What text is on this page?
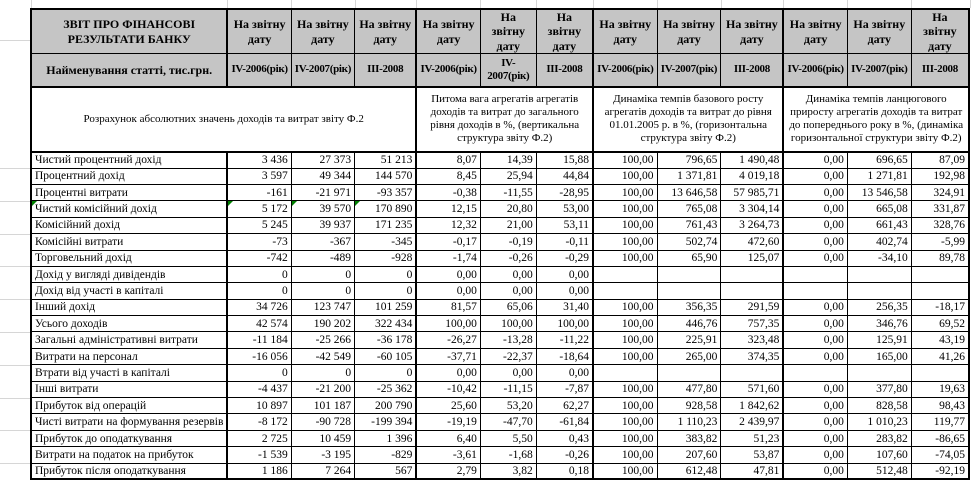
ЗВІТ ПРО ФІНАНСОВІ РЕЗУЛЬТАТИ БАНКУ	На звітну дату	На звітну дату	На звітну дату	На звітну дату	На звітну дату	На звітну дату	На звітну дату	На звітну дату	На звітну дату	На звітну дату	На звітну дату	На звітну дату
Найменування статті, тис.грн.	IV-2006(рік)	IV-2007(рік)	III-2008	IV-2006(рік)	IV-2007(рік)	III-2008	IV-2006(рік)	IV-2007(рік)	III-2008	IV-2006(рік)	IV-2007(рік)	III-2008
Розрахунок абсолютних значень доходів та витрат звіту Ф.2				Питома вага агрегатів агрегатів доходів та витрат до загального рівня доходів в %, (вертикальна структура звіту Ф.2)			Динаміка темпів базового росту агрегатів доходів та витрат до рівня 01.01.2005 р. в %, (горизонтальна структура звіту Ф.2)			Динаміка темпів ланцюгового приросту агрегатів доходів та витрат до попереднього року в %, (динаміка горизонтальної структури звіту Ф.2)		
Чистий процентний дохід	3 436	27 373	51 213	8,07	14,39	15,88	100,00	796,65	1 490,48	0,00	696,65	87,09
Процентний дохід	3 597	49 344	144 570	8,45	25,94	44,84	100,00	1 371,81	4 019,18	0,00	1 271,81	192,98
Процентні витрати	-161	-21 971	-93 357	-0,38	-11,55	-28,95	100,00	13 646,58	57 985,71	0,00	13 546,58	324,91
Чистий комісійний дохід	5 172	39 570	170 890	12,15	20,80	53,00	100,00	765,08	3 304,14	0,00	665,08	331,87
Комісійний дохід	5 245	39 937	171 235	12,32	21,00	53,11	100,00	761,43	3 264,73	0,00	661,43	328,76
Комісійні витрати	-73	-367	-345	-0,17	-0,19	-0,11	100,00	502,74	472,60	0,00	402,74	-5,99
Торговельний дохід	-742	-489	-928	-1,74	-0,26	-0,29	100,00	65,90	125,07	0,00	-34,10	89,78
Дохід у вигляді дивідендів	0	0	0	0,00	0,00	0,00						
Дохід від участі в капіталі	0	0	0	0,00	0,00	0,00						
Інший дохід	34 726	123 747	101 259	81,57	65,06	31,40	100,00	356,35	291,59	0,00	256,35	-18,17
Усього доходів	42 574	190 202	322 434	100,00	100,00	100,00	100,00	446,76	757,35	0,00	346,76	69,52
Загальні адміністративні витрати	-11 184	-25 266	-36 178	-26,27	-13,28	-11,22	100,00	225,91	323,48	0,00	125,91	43,19
Витрати на персонал	-16 056	-42 549	-60 105	-37,71	-22,37	-18,64	100,00	265,00	374,35	0,00	165,00	41,26
Втрати від участі в капіталі	0	0	0	0,00	0,00	0,00						
Інші витрати	-4 437	-21 200	-25 362	-10,42	-11,15	-7,87	100,00	477,80	571,60	0,00	377,80	19,63
Прибуток від операцій	10 897	101 187	200 790	25,60	53,20	62,27	100,00	928,58	1 842,62	0,00	828,58	98,43
Чисті витрати на формування резервів	-8 172	-90 728	-199 394	-19,19	-47,70	-61,84	100,00	1 110,23	2 439,97	0,00	1 010,23	119,77
Прибуток до оподаткування	2 725	10 459	1 396	6,40	5,50	0,43	100,00	383,82	51,23	0,00	283,82	-86,65
Витрати на податок на прибуток	-1 539	-3 195	-829	-3,61	-1,68	-0,26	100,00	207,60	53,87	0,00	107,60	-74,05
Прибуток після оподаткування	1 186	7 264	567	2,79	3,82	0,18	100,00	612,48	47,81	0,00	512,48	-92,19
